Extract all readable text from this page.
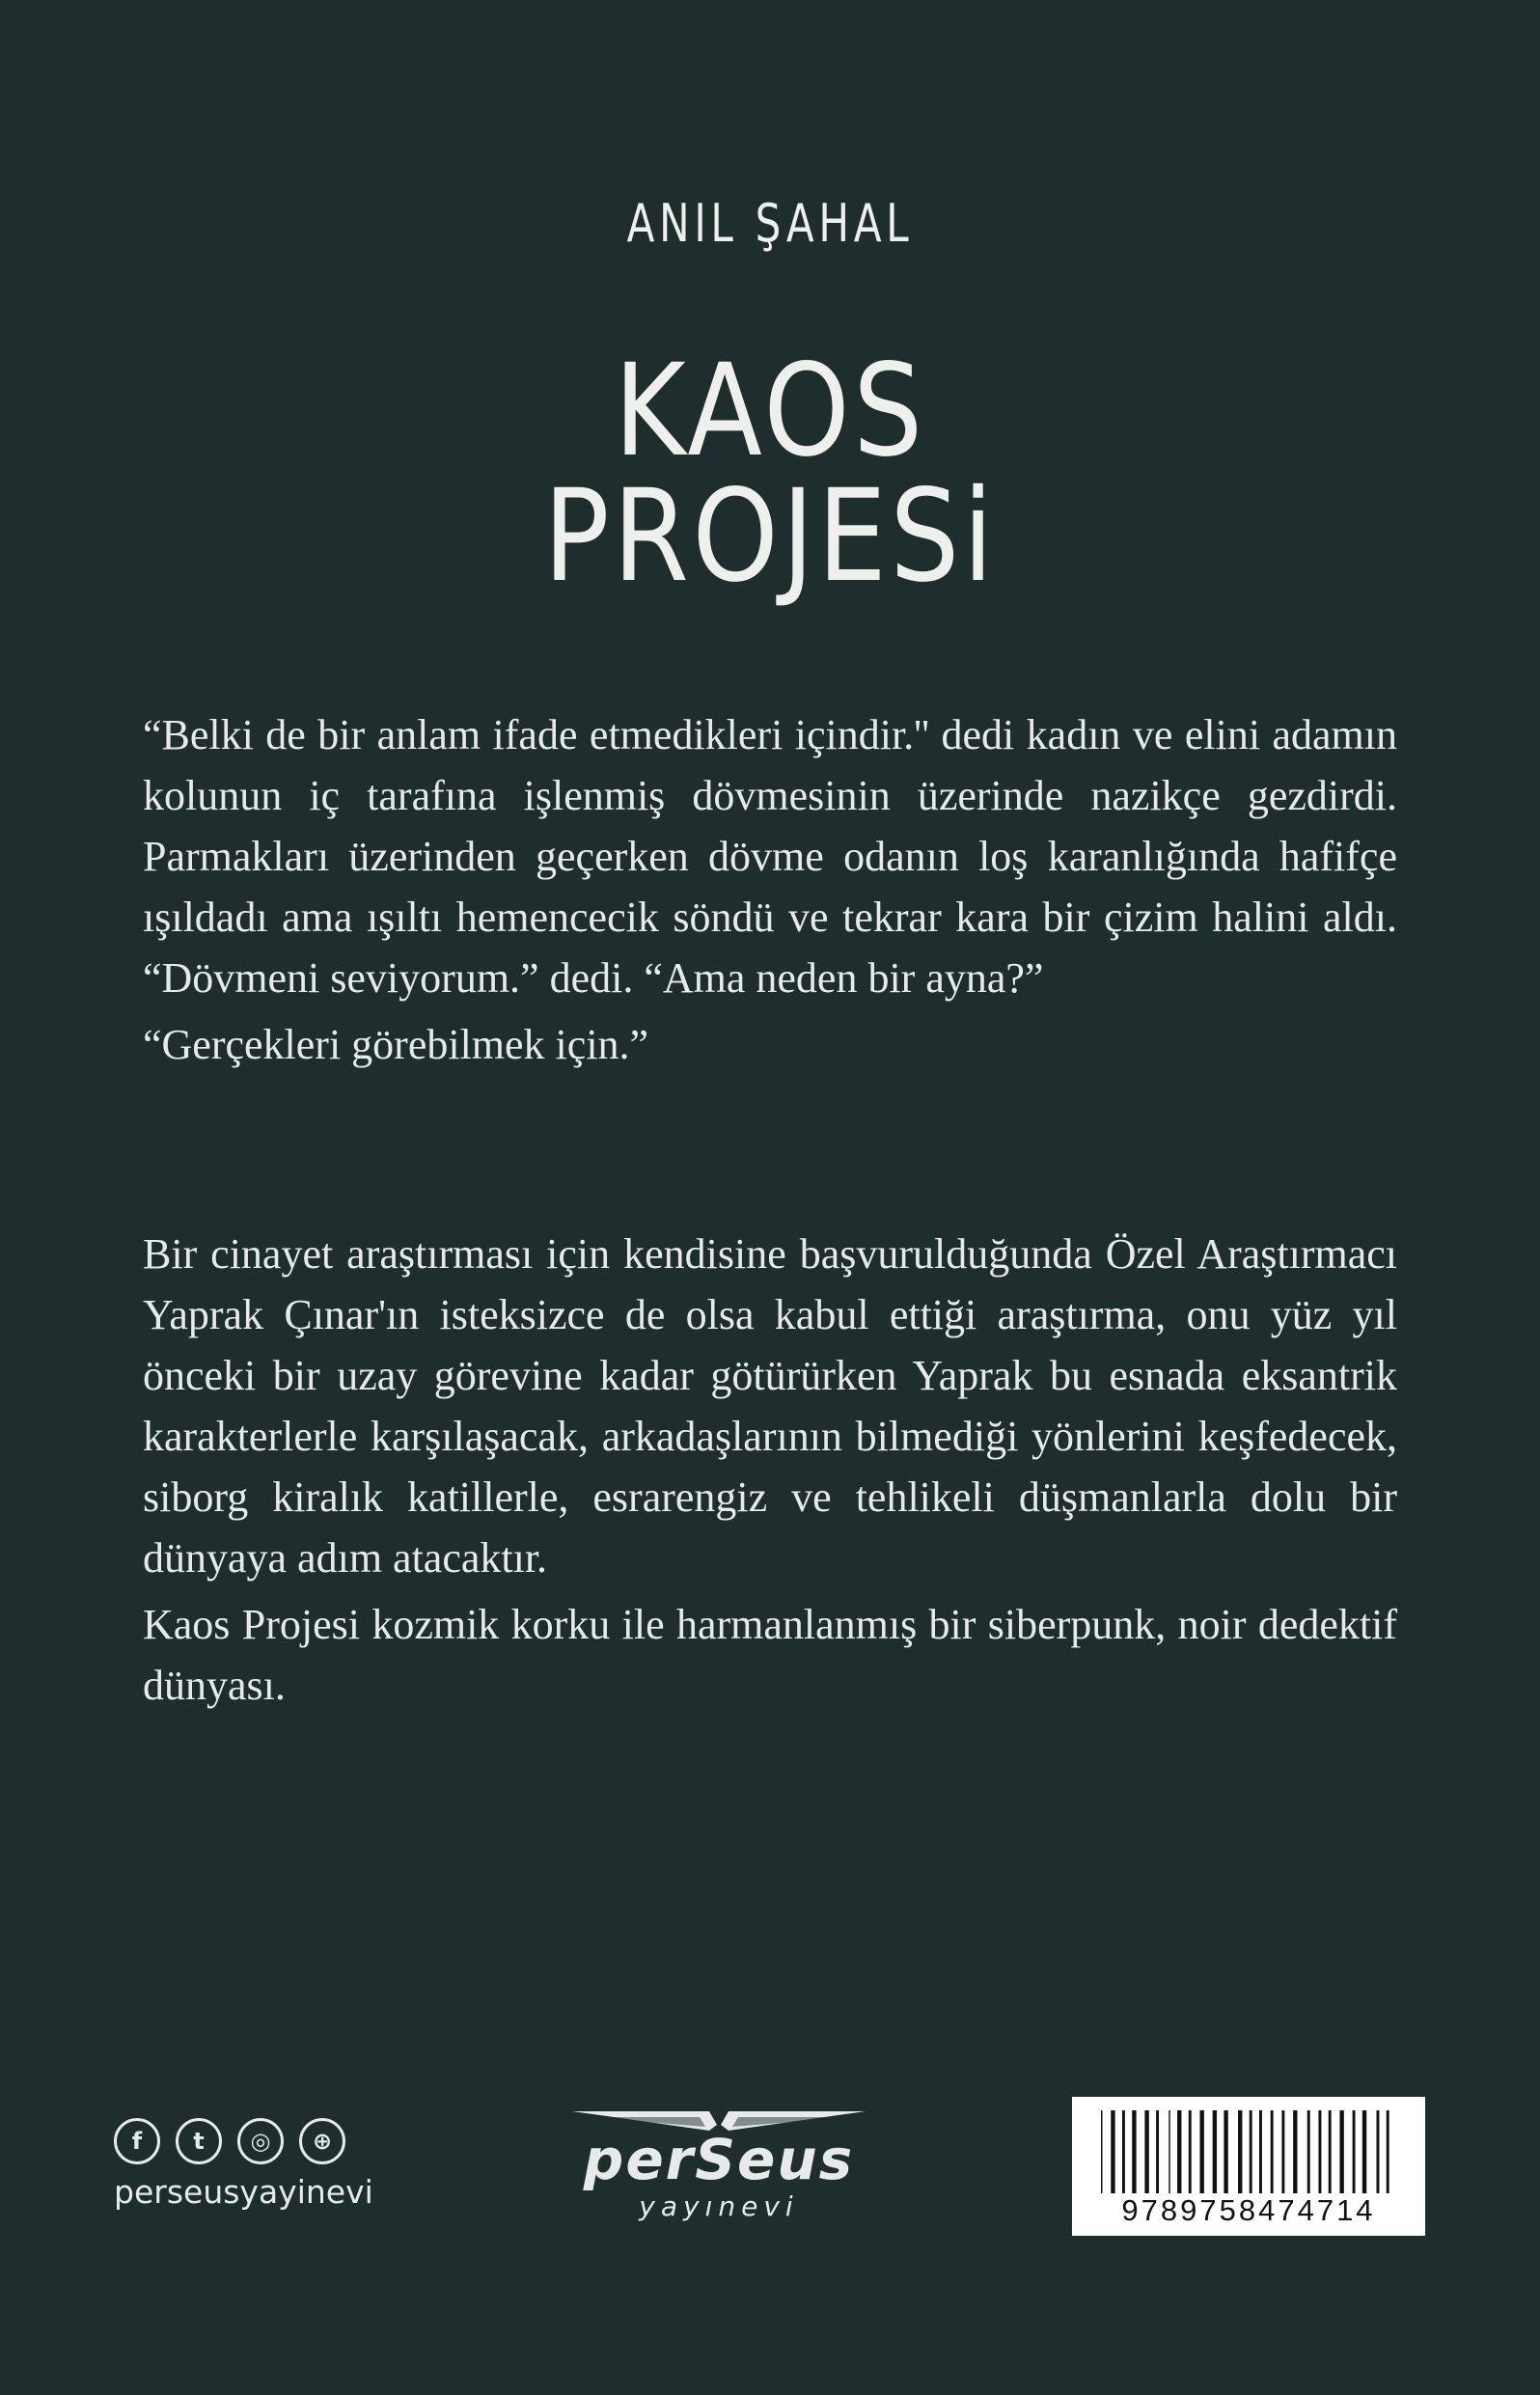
ANIL ŞAHAL
KAOS
PROJESi

“Belki de bir anlam ifade etmedikleri içindir.'' dedi kadın ve elini adamın kolunun iç tarafına işlenmiş dövmesinin üzerinde nazikçe gezdirdi. Parmakları üzerinden geçerken dövme odanın loş karanlığında hafifçe ışıldadı ama ışıltı hemencecik söndü ve tekrar kara bir çizim halini aldı. “Dövmeni seviyorum.” dedi. “Ama neden bir ayna?”

“Gerçekleri görebilmek için.”

Bir cinayet araştırması için kendisine başvurulduğunda Özel Araştırmacı Yaprak Çınar'ın isteksizce de olsa kabul ettiği araştırma, onu yüz yıl önceki bir uzay görevine kadar götürürken Yaprak bu esnada eksantrik karakterlerle karşılaşacak, arkadaşlarının bilmediği yönlerini keşfedecek, siborg kiralık katillerle, esrarengiz ve tehlikeli düşmanlarla dolu bir dünyaya adım atacaktır.

Kaos Projesi kozmik korku ile harmanlanmış bir siberpunk, noir dedektif dünyası.

f	t	◎	⊕
perseusyayinevi	perSeus
yayınevi	9789758474714
